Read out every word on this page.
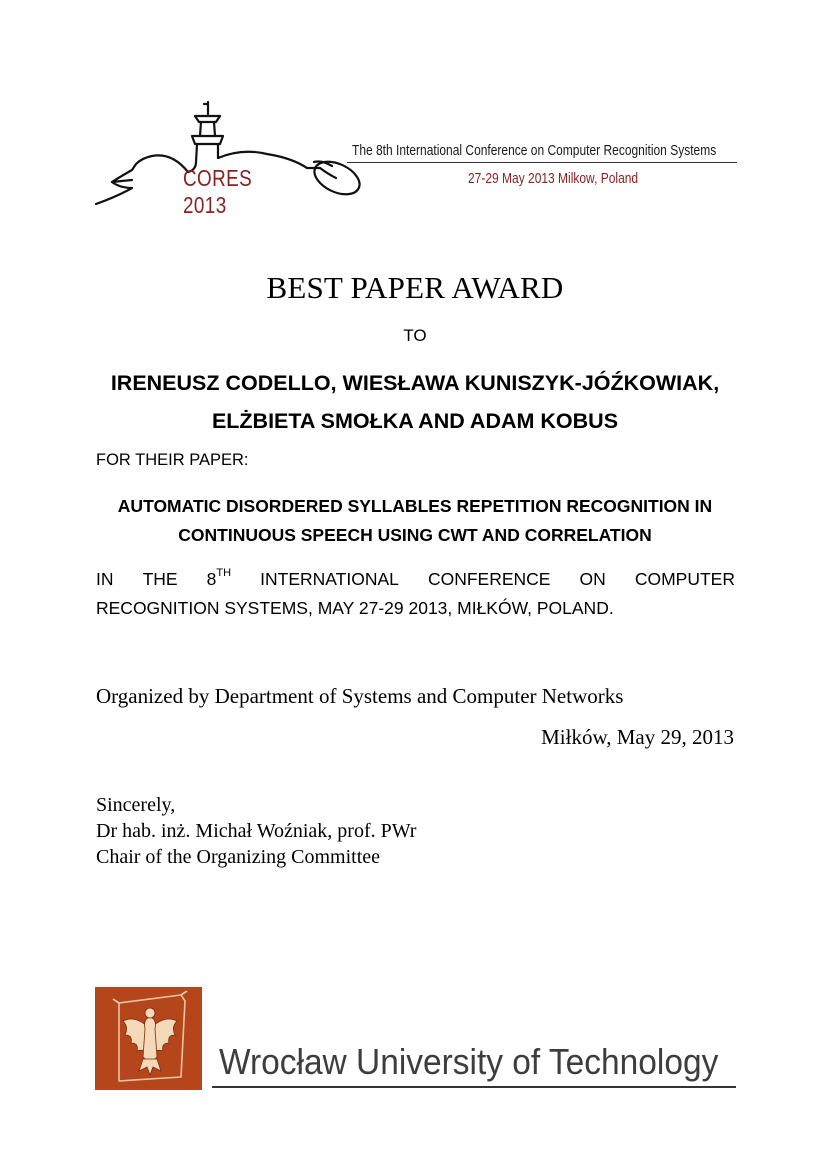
CORES 2013
The 8th International Conference on Computer Recognition Systems
27-29 May 2013 Milkow, Poland
BEST PAPER AWARD
TO
IRENEUSZ CODELLO, WIESŁAWA KUNISZYK-JÓŹKOWIAK,
ELŻBIETA SMOŁKA AND ADAM KOBUS
FOR THEIR PAPER:
AUTOMATIC DISORDERED SYLLABLES REPETITION RECOGNITION IN
CONTINUOUS SPEECH USING CWT AND CORRELATION
IN THE 8TH INTERNATIONAL CONFERENCE ON COMPUTER
RECOGNITION SYSTEMS, MAY 27-29 2013, MIŁKÓW, POLAND.
Organized by Department of Systems and Computer Networks
Miłków, May 29, 2013
Sincerely,
Dr hab. inż. Michał Woźniak, prof. PWr
Chair of the Organizing Committee
Wrocław University of Technology
